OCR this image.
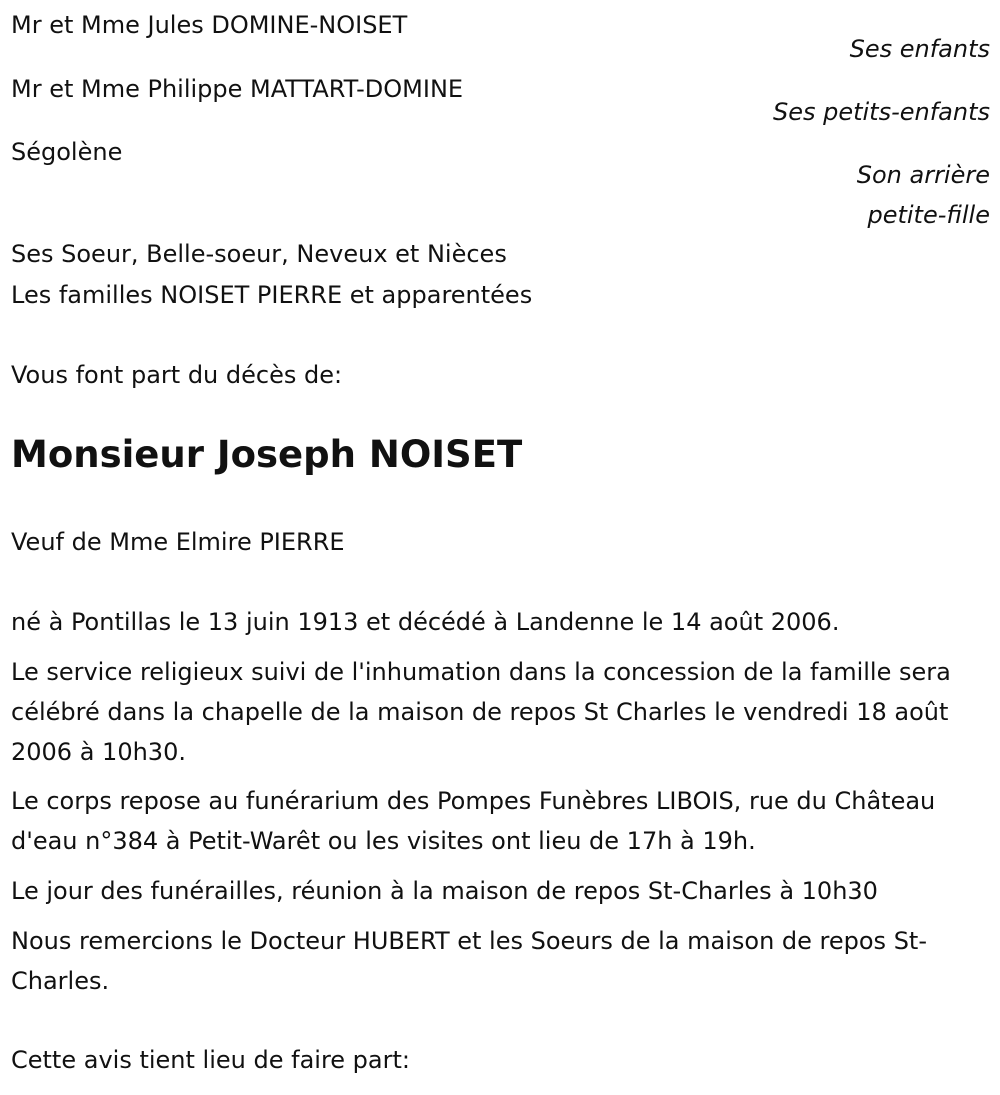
Mr et Mme Jules DOMINE-NOISET

Ses enfants

Mr et Mme Philippe MATTART-DOMINE

Ses petits-enfants

Ségolène

Son arrière

petite-fille

Ses Soeur, Belle-soeur, Neveux et Nièces

Les familles NOISET PIERRE et apparentées

Vous font part du décès de:

Monsieur Joseph NOISET

Veuf de Mme Elmire PIERRE

né à Pontillas le 13 juin 1913 et décédé à Landenne le 14 août 2006.

Le service religieux suivi de l'inhumation dans la concession de la famille sera célébré dans la chapelle de la maison de repos St Charles le vendredi 18 août 2006 à 10h30.

Le corps repose au funérarium des Pompes Funèbres LIBOIS, rue du Château d'eau n°384 à Petit-Warêt ou les visites ont lieu de 17h à 19h.

Le jour des funérailles, réunion à la maison de repos St-Charles à 10h30

Nous remercions le Docteur HUBERT et les Soeurs de la maison de repos St-Charles.

Cette avis tient lieu de faire part:
